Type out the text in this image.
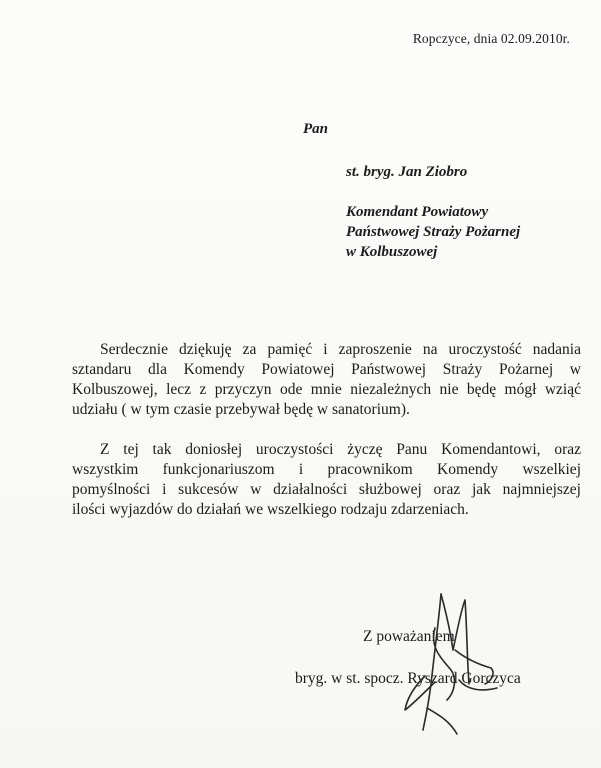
Ropczyce, dnia 02.09.2010r.
Pan
st. bryg. Jan Ziobro
Komendant Powiatowy
Państwowej Straży Pożarnej
w Kolbuszowej
Serdecznie dziękuję za pamięć i zaproszenie na uroczystość nadania
sztandaru dla Komendy Powiatowej Państwowej Straży Pożarnej w
Kolbuszowej, lecz z przyczyn ode mnie niezależnych nie będę mógł wziąć
udziału ( w tym czasie przebywał będę w sanatorium).
Z tej tak doniosłej uroczystości życzę Panu Komendantowi, oraz
wszystkim funkcjonariuszom i pracownikom Komendy wszelkiej
pomyślności i sukcesów w działalności służbowej oraz jak najmniejszej
ilości wyjazdów do działań we wszelkiego rodzaju zdarzeniach.
Z poważaniem
bryg. w st. spocz. Ryszard Gorczyca
